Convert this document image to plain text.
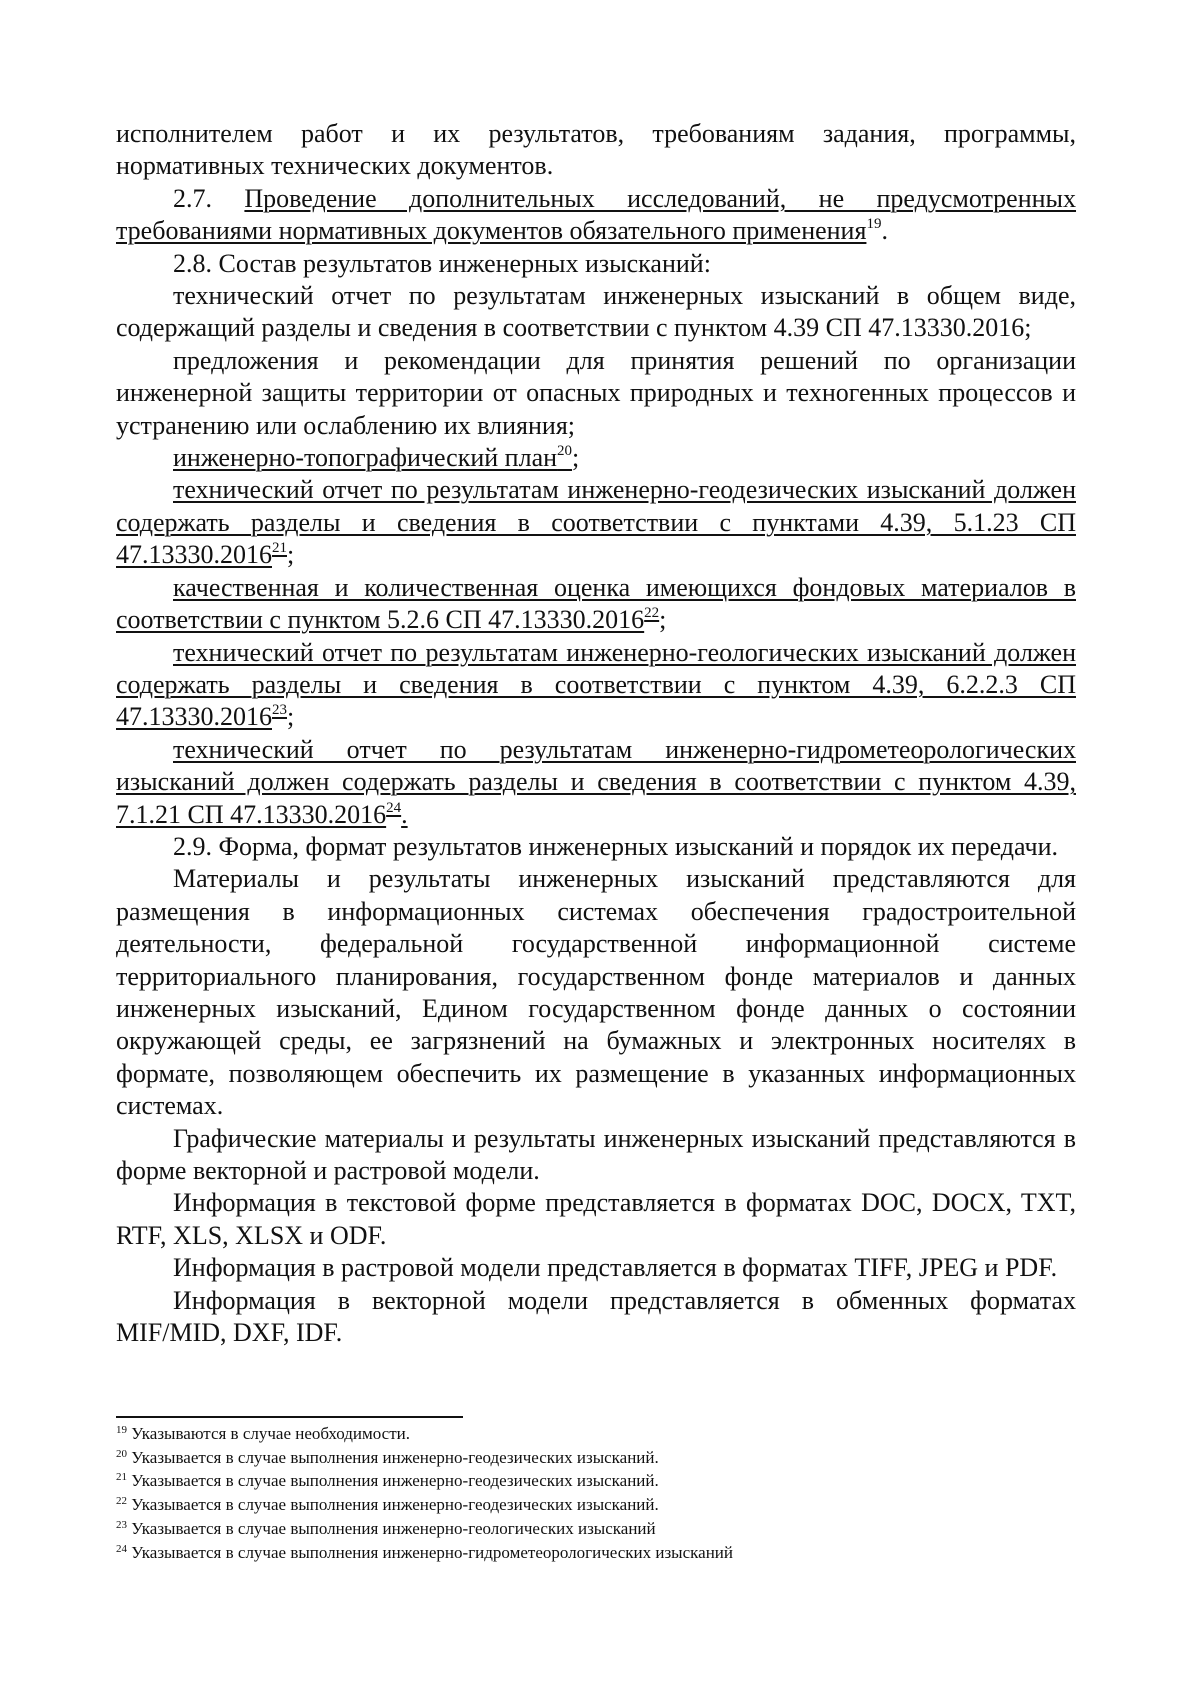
исполнителем работ и их результатов, требованиям задания, программы, нормативных технических документов.

2.7. Проведение дополнительных исследований, не предусмотренных требованиями нормативных документов обязательного применения$^{19}$.

2.8. Состав результатов инженерных изысканий:

технический отчет по результатам инженерных изысканий в общем виде, содержащий разделы и сведения в соответствии с пунктом 4.39 СП 47.13330.2016;

предложения и рекомендации для принятия решений по организации инженерной защиты территории от опасных природных и техногенных процессов и устранению или ослаблению их влияния;

инженерно-топографический план$^{20}$;

технический отчет по результатам инженерно-геодезических изысканий должен содержать разделы и сведения в соответствии с пунктами 4.39, 5.1.23 СП 47.13330.2016$^{21}$;

качественная и количественная оценка имеющихся фондовых материалов в соответствии с пунктом 5.2.6 СП 47.13330.2016$^{22}$;

технический отчет по результатам инженерно-геологических изысканий должен содержать разделы и сведения в соответствии с пунктом 4.39, 6.2.2.3 СП 47.13330.2016$^{23}$;

технический отчет по результатам инженерно-гидрометеорологических изысканий должен содержать разделы и сведения в соответствии с пунктом 4.39, 7.1.21 СП 47.13330.2016$^{24}$.

2.9. Форма, формат результатов инженерных изысканий и порядок их передачи.

Материалы и результаты инженерных изысканий представляются для размещения в информационных системах обеспечения градостроительной деятельности, федеральной государственной информационной системе территориального планирования, государственном фонде материалов и данных инженерных изысканий, Едином государственном фонде данных о состоянии окружающей среды, ее загрязнений на бумажных и электронных носителях в формате, позволяющем обеспечить их размещение в указанных информационных системах.

Графические материалы и результаты инженерных изысканий представляются в форме векторной и растровой модели.

Информация в текстовой форме представляется в форматах DOC, DOCX, TXT, RTF, XLS, XLSX и ODF.

Информация в растровой модели представляется в форматах TIFF, JPEG и PDF.

Информация в векторной модели представляется в обменных форматах MIF/MID, DXF, IDF.

$^{19}$ Указываются в случае необходимости.

$^{20}$ Указывается в случае выполнения инженерно-геодезических изысканий.

$^{21}$ Указывается в случае выполнения инженерно-геодезических изысканий.

$^{22}$ Указывается в случае выполнения инженерно-геодезических изысканий.

$^{23}$ Указывается в случае выполнения инженерно-геологических изысканий

$^{24}$ Указывается в случае выполнения инженерно-гидрометеорологических изысканий
